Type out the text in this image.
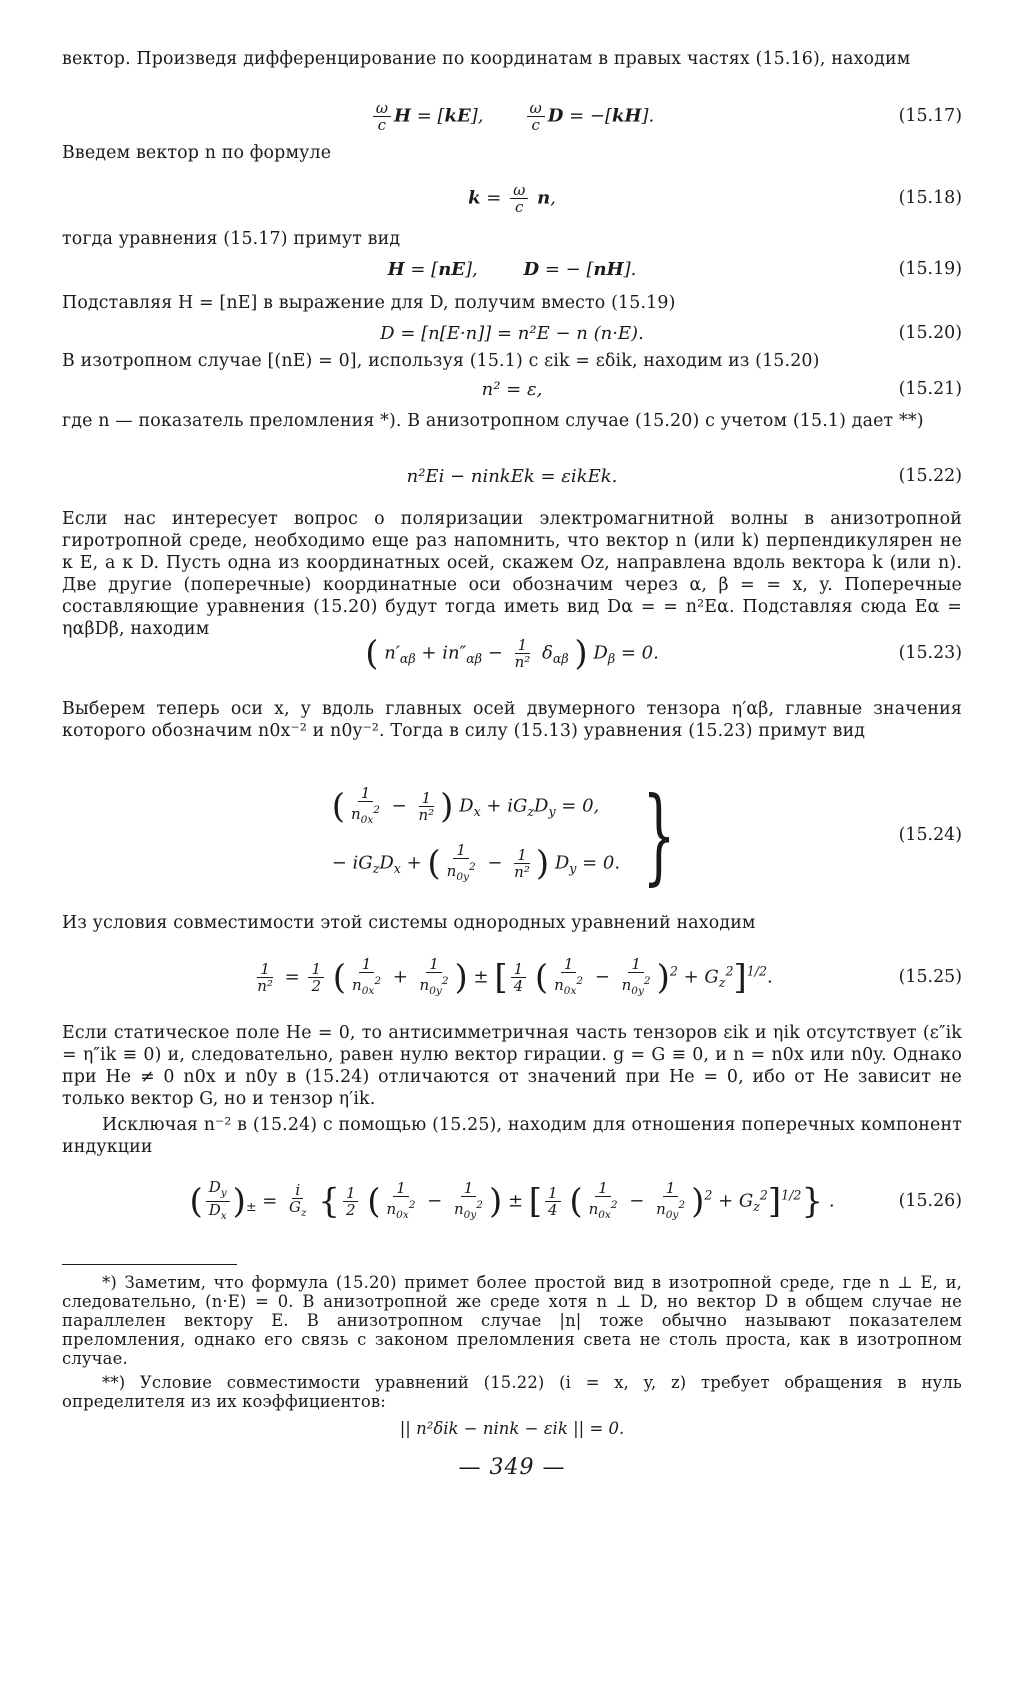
вектор. Произведя дифференцирование по координатам в правых частях (15.16), находим

$\frac{\omega}{c}$ H = [kE], $\frac{\omega}{c}$ D = −[kH].	(15.17)

Введем вектор n по формуле

$k = \frac{\omega}{c} n$,	(15.18)

тогда уравнения (15.17) примут вид

H = [nE],        D = − [nH].	(15.19)

Подставляя H = [nE] в выражение для D, получим вместо (15.19)

D = [n[E·n]] = n²E − n (n·E).	(15.20)

В изотропном случае [(nE) = 0], используя (15.1) с εik = εδik, находим из (15.20)

n² = ε,	(15.21)

где n — показатель преломления *). В анизотропном случае (15.20) с учетом (15.1) дает **)

n²Ei − ninkEk = εikEk.	(15.22)

Если нас интересует вопрос о поляризации электромагнитной волны в анизотропной гиротропной среде, необходимо еще раз напомнить, что вектор n (или k) перпендикулярен не к E, а к D. Пусть одна из координатных осей, скажем Oz, направлена вдоль вектора k (или n). Две другие (поперечные) координатные оси обозначим через α, β = = x, y. Поперечные составляющие уравнения (15.20) будут тогда иметь вид Dα = = n²Eα. Подставляя сюда Eα = ηαβDβ, находим

( $n'_{\alpha\beta} + in''_{\alpha\beta} - \frac{1}{\text{n²}} \delta_{\alpha\beta}$ ) $D_\beta = 0$.	(15.23)

Выберем теперь оси x, y вдоль главных осей двумерного тензора η′αβ, главные значения которого обозначим n0x⁻² и n0y⁻². Тогда в силу (15.13) уравнения (15.23) примут вид

( $\frac{1}{n_{0x}^2} - \frac{1}{\text{n²}}$ ) $D_x + iG_zD_y = 0$,
− $iG_zD_x$ + ( $\frac{1}{n_{0y}^2} - \frac{1}{\text{n²}}$ ) $D_y = 0$. }	(15.24)

Из условия совместимости этой системы однородных уравнений находим

$\frac{1}{\text{n²}} = \frac{1}{2}$ ( $\frac{1}{n_{0x}^2} + \frac{1}{n_{0y}^2}$ ) ± [ $\frac{1}{4}$ ( $\frac{1}{n_{0x}^2} - \frac{1}{n_{0y}^2} )^2 + G_z^2]^{1/2}$.	(15.25)

Если статическое поле He = 0, то антисимметричная часть тензоров εik и ηik отсутствует (ε″ik = η″ik ≡ 0) и, следовательно, равен нулю вектор гирации. g = G ≡ 0, и n = n0x или n0y. Однако при He ≠ 0 n0x и n0y в (15.24) отличаются от значений при He = 0, ибо от He зависит не только вектор G, но и тензор η′ik.

Исключая n⁻² в (15.24) с помощью (15.25), находим для отношения поперечных компонент индукции

( $\frac{D_y}{D_x} )_\pm = \frac{i}{G_z}$ { $\frac{1}{2}$ ( $\frac{1}{n_{0x}^2} - \frac{1}{n_{0y}^2}$ ) ± [ $\frac{1}{4}$ ( $\frac{1}{n_{0x}^2} - \frac{1}{n_{0y}^2} )^2 + G_z^2]^{1/2}$} .	(15.26)

*) Заметим, что формула (15.20) примет более простой вид в изотропной среде, где n ⊥ E, и, следовательно, (n·E) = 0. В анизотропной же среде хотя n ⊥ D, но вектор D в общем случае не параллелен вектору E. В анизотропном случае |n| тоже обычно называют показателем преломления, однако его связь с законом преломления света не столь проста, как в изотропном случае.

**) Условие совместимости уравнений (15.22) (i = x, y, z) требует обращения в нуль определителя из их коэффициентов:

|| n²δik − nink − εik || = 0.
— 349 —
